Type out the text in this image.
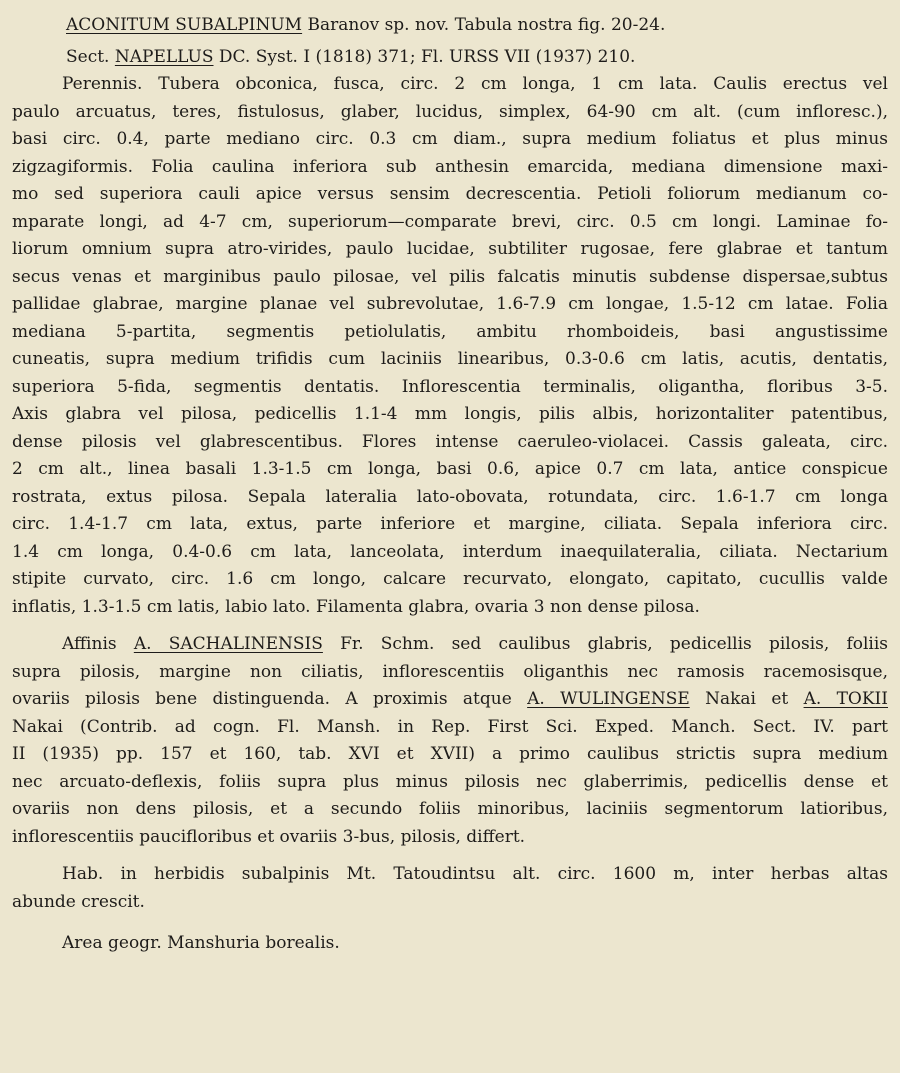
ACONITUM SUBALPINUM Baranov sp. nov. Tabula nostra fig. 20-24.
Sect. NAPELLUS DC. Syst. I (1818) 371; Fl. URSS VII (1937) 210.
Perennis. Tubera obconica, fusca, circ. 2 cm longa, 1 cm lata. Caulis erectus vel
paulo arcuatus, teres, fistulosus, glaber, lucidus, simplex, 64-90 cm alt. (cum infloresc.),
basi circ. 0.4, parte mediano circ. 0.3 cm diam., supra medium foliatus et plus minus
zigzagiformis. Folia caulina inferiora sub anthesin emarcida, mediana dimensione maxi-
mo sed superiora cauli apice versus sensim decrescentia. Petioli foliorum medianum co-
mparate longi, ad 4-7 cm, superiorum—comparate brevi, circ. 0.5 cm longi. Laminae fo-
liorum omnium supra atro-virides, paulo lucidae, subtiliter rugosae, fere glabrae et tantum
secus venas et marginibus paulo pilosae, vel pilis falcatis minutis subdense dispersae,subtus
pallidae glabrae, margine planae vel subrevolutae, 1.6-7.9 cm longae, 1.5-12 cm latae. Folia
mediana 5-partita, segmentis petiolulatis, ambitu rhomboideis, basi angustissime
cuneatis, supra medium trifidis cum laciniis linearibus, 0.3-0.6 cm latis, acutis, dentatis,
superiora 5-fida, segmentis dentatis. Inflorescentia terminalis, oligantha, floribus 3-5.
Axis glabra vel pilosa, pedicellis 1.1-4 mm longis, pilis albis, horizontaliter patentibus,
dense pilosis vel glabrescentibus. Flores intense caeruleo-violacei. Cassis galeata, circ.
2 cm alt., linea basali 1.3-1.5 cm longa, basi 0.6, apice 0.7 cm lata, antice conspicue
rostrata, extus pilosa. Sepala lateralia lato-obovata, rotundata, circ. 1.6-1.7 cm longa
circ. 1.4-1.7 cm lata, extus, parte inferiore et margine, ciliata. Sepala inferiora circ.
1.4 cm longa, 0.4-0.6 cm lata, lanceolata, interdum inaequilateralia, ciliata. Nectarium
stipite curvato, circ. 1.6 cm longo, calcare recurvato, elongato, capitato, cucullis valde
inflatis, 1.3-1.5 cm latis, labio lato. Filamenta glabra, ovaria 3 non dense pilosa.
Affinis A. SACHALINENSIS Fr. Schm. sed caulibus glabris, pedicellis pilosis, foliis
supra pilosis, margine non ciliatis, inflorescentiis oliganthis nec ramosis racemosisque,
ovariis pilosis bene distinguenda. A proximis atque A. WULINGENSE Nakai et A. TOKII
Nakai (Contrib. ad cogn. Fl. Mansh. in Rep. First Sci. Exped. Manch. Sect. IV. part
II (1935) pp. 157 et 160, tab. XVI et XVII) a primo caulibus strictis supra medium
nec arcuato-deflexis, foliis supra plus minus pilosis nec glaberrimis, pedicellis dense et
ovariis non dens pilosis, et a secundo foliis minoribus, laciniis segmentorum latioribus,
inflorescentiis paucifloribus et ovariis 3-bus, pilosis, differt.
Hab. in herbidis subalpinis Mt. Tatoudintsu alt. circ. 1600 m, inter herbas altas
abunde crescit.
Area geogr. Manshuria borealis.
